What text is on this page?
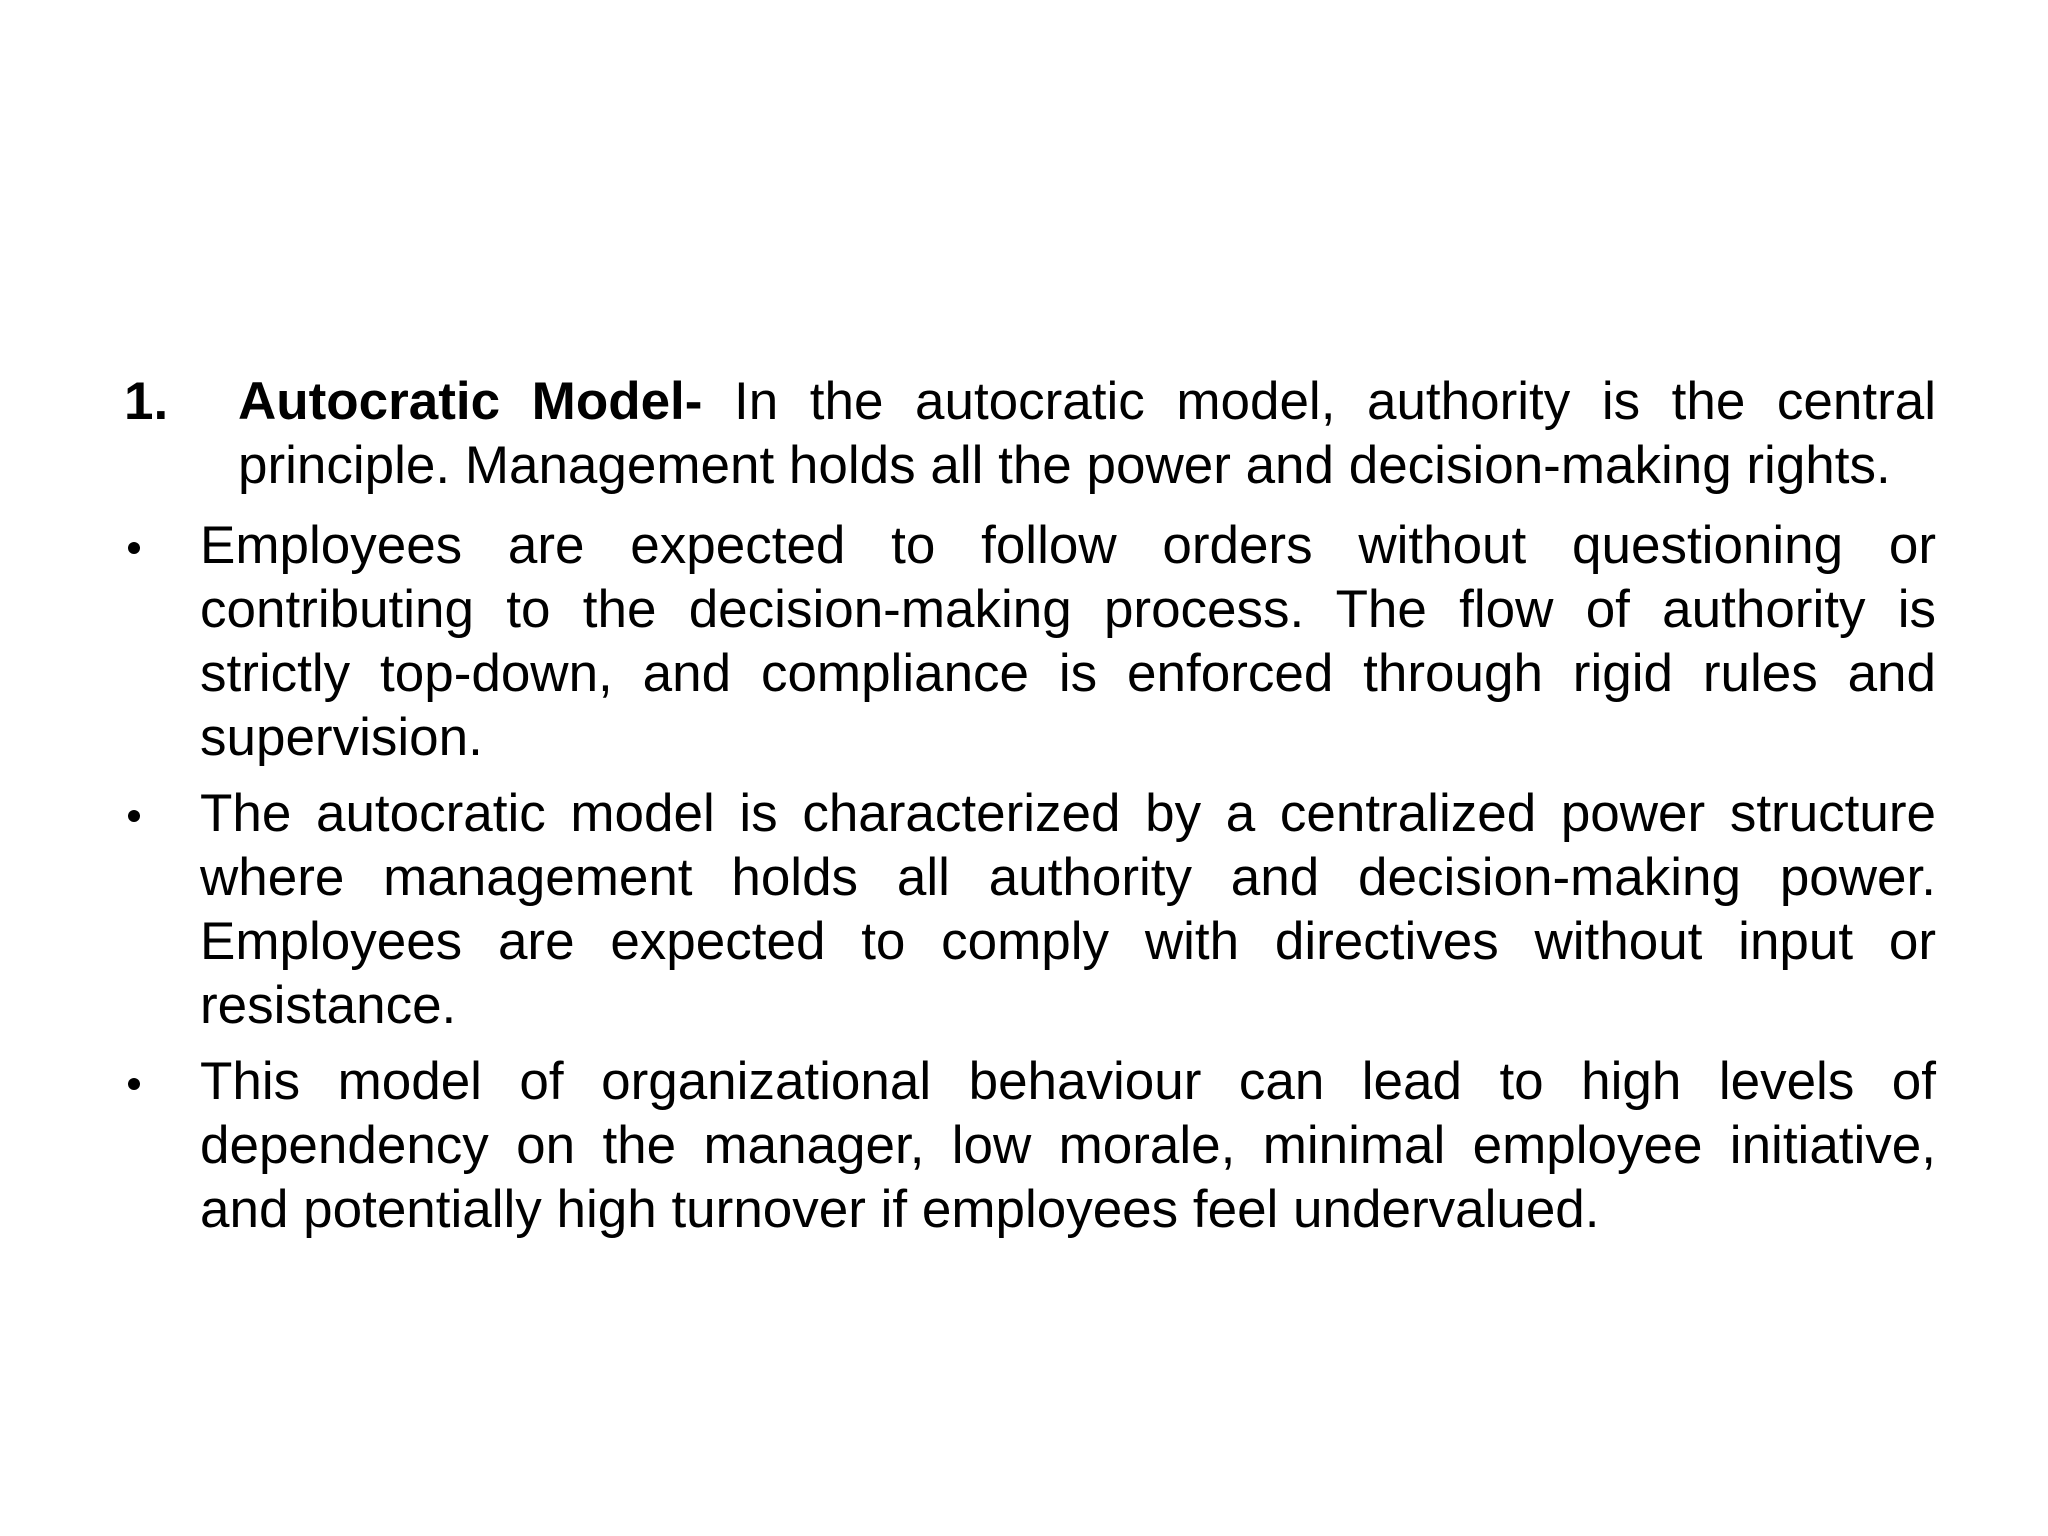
1. Autocratic Model- In the autocratic model, authority is the central principle. Management holds all the power and decision-making rights.
Employees are expected to follow orders without questioning or contributing to the decision-making process. The flow of authority is strictly top-down, and compliance is enforced through rigid rules and supervision.
The autocratic model is characterized by a centralized power structure where management holds all authority and decision-making power. Employees are expected to comply with directives without input or resistance.
This model of organizational behaviour can lead to high levels of dependency on the manager, low morale, minimal employee initiative, and potentially high turnover if employees feel undervalued.
